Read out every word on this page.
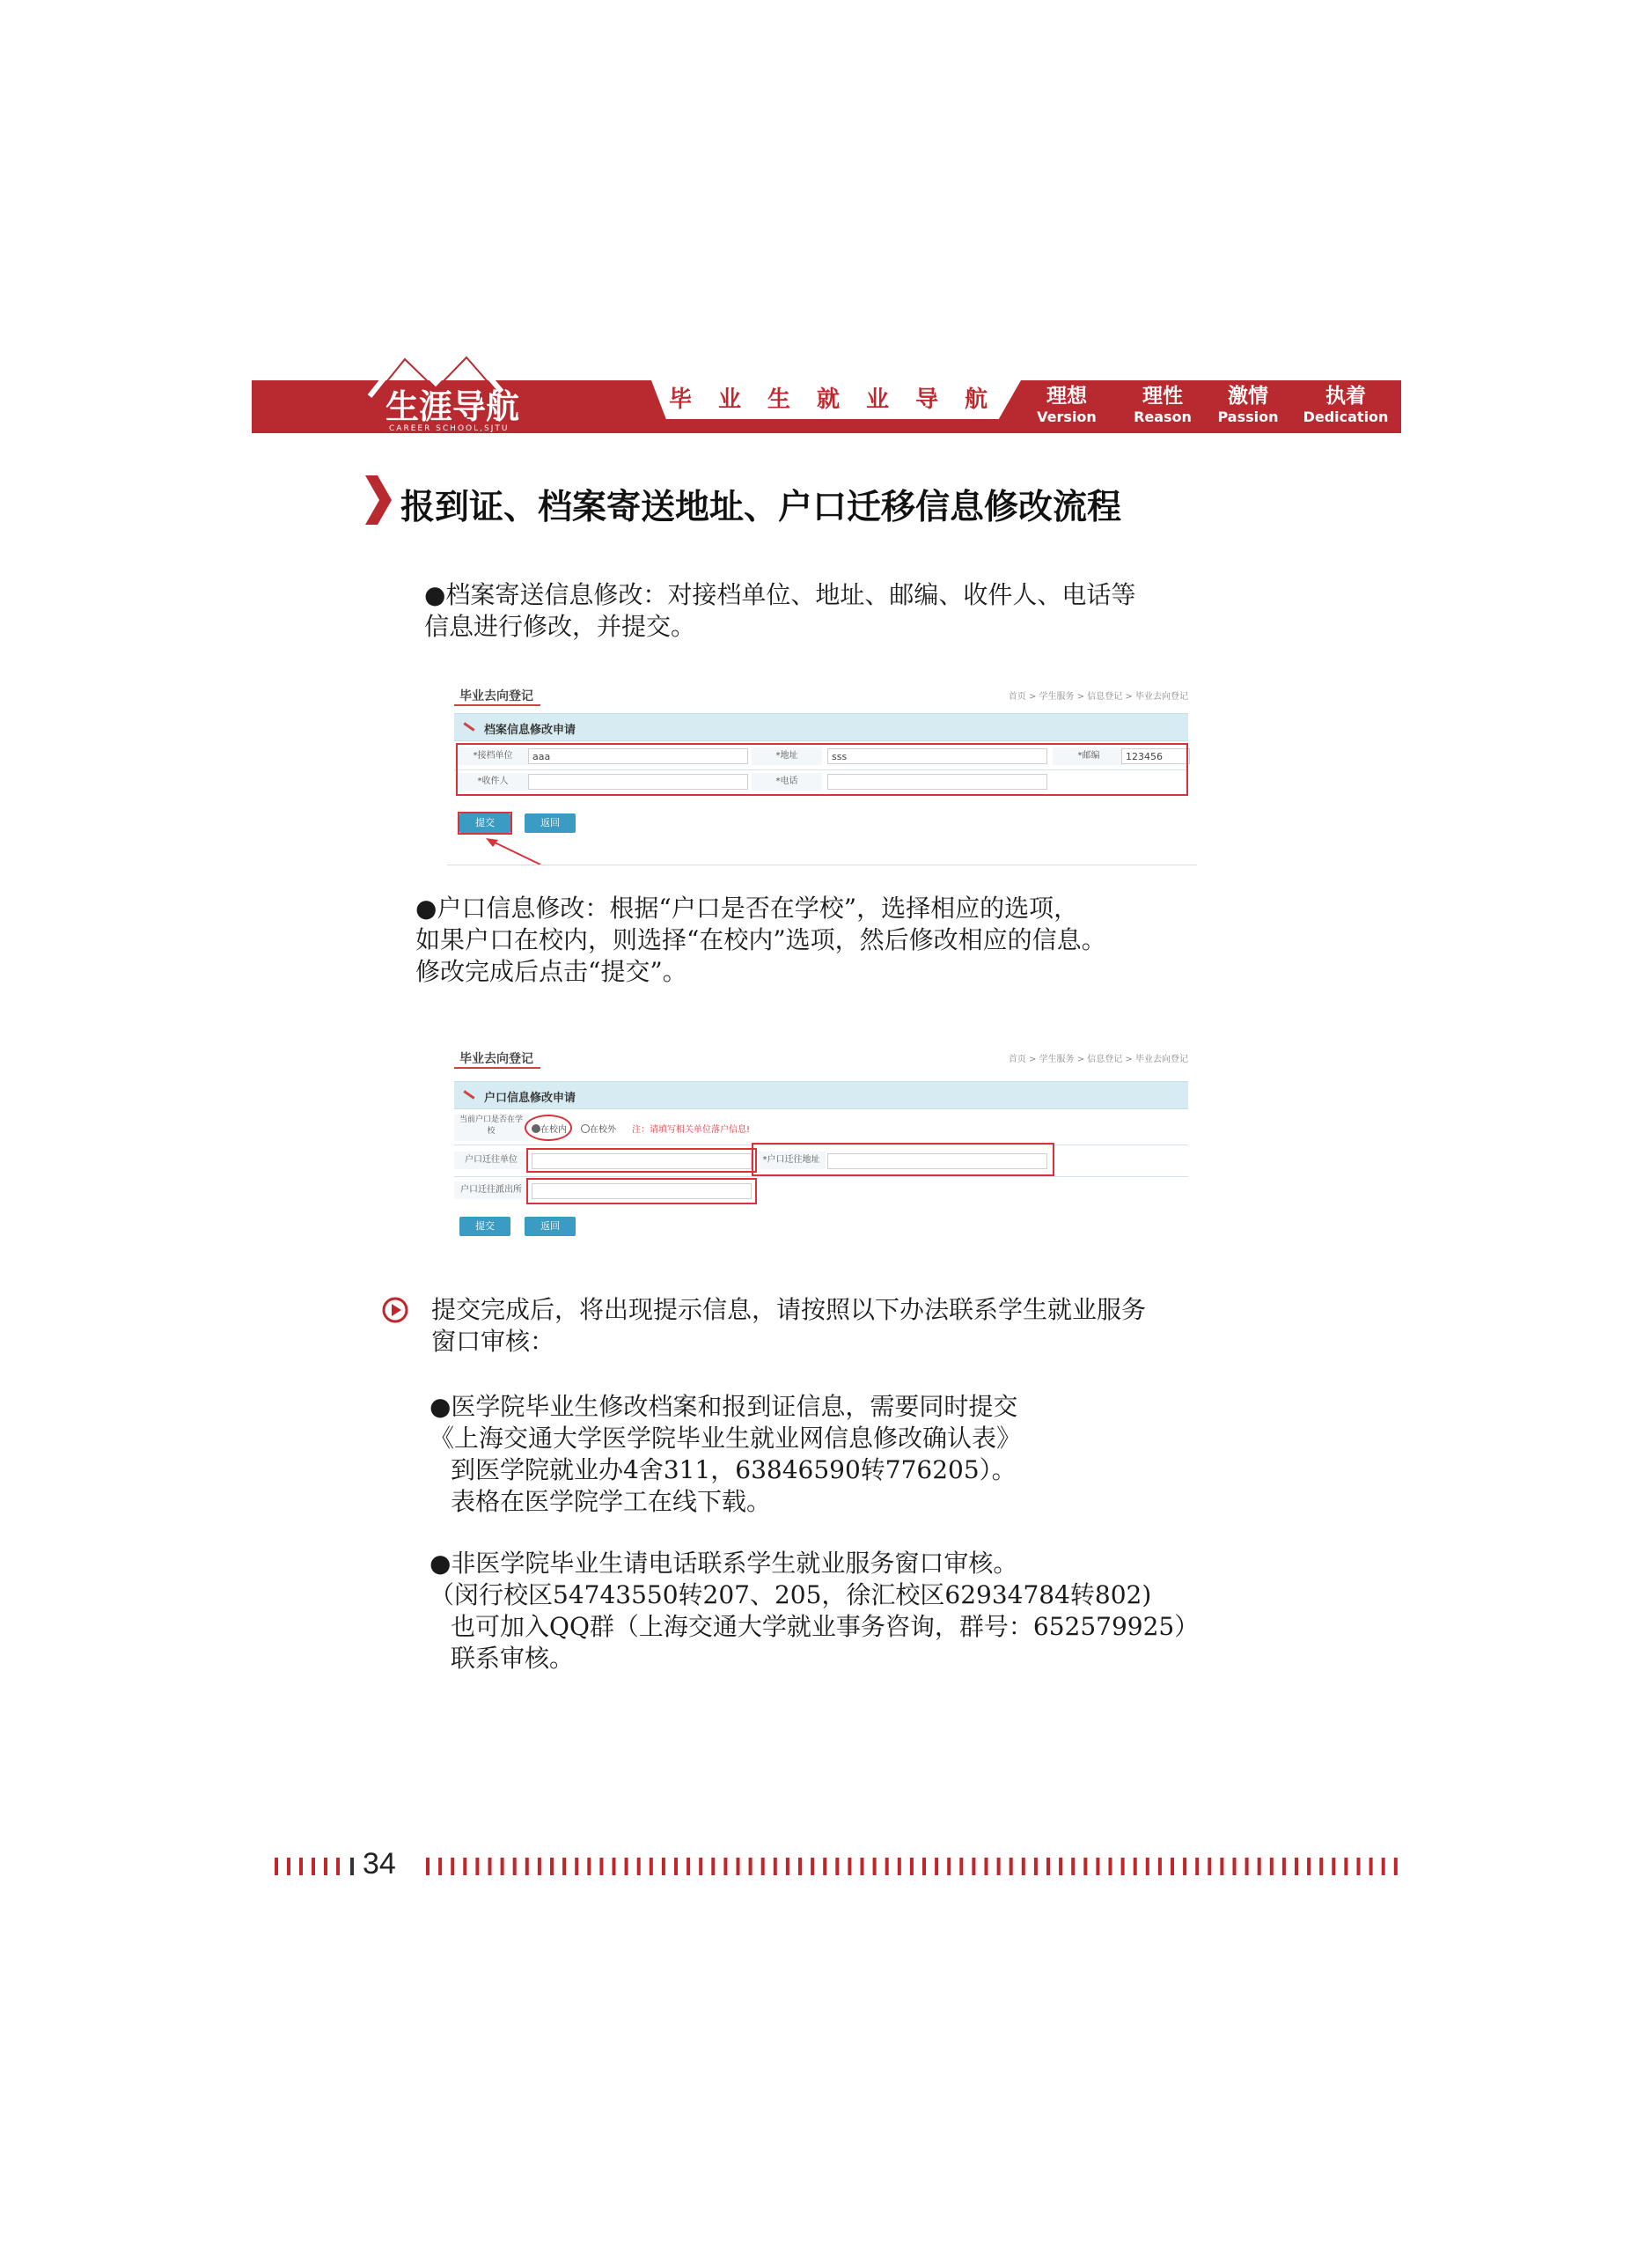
生涯导航
CAREER SCHOOL,SJTU
毕业生就业导航	理想
Version
理性
Reason
激情
Passion
执着
Dedication
报到证、档案寄送地址、户口迁移信息修改流程

●档案寄送信息修改：对接档单位、地址、邮编、收件人、电话等

信息进行修改，并提交。

毕业去向登记	首页 > 学生服务 > 信息登记 > 毕业去向登记
档案信息修改申请
*接档单位	aaa	*地址	sss	*邮编	123456
*收件人	*电话
提交	返回

●户口信息修改：根据“户口是否在学校”，选择相应的选项，

如果户口在校内，则选择“在校内”选项，然后修改相应的信息。

修改完成后点击“提交”。

毕业去向登记	首页 > 学生服务 > 信息登记 > 毕业去向登记
户口信息修改申请
当前户口是否在学
校	在校内	在校外 注：请填写相关单位落户信息!
户口迁往单位	*户口迁往地址
户口迁往派出所
提交	返回

提交完成后，将出现提示信息，请按照以下办法联系学生就业服务

窗口审核：

●医学院毕业生修改档案和报到证信息，需要同时提交

《上海交通大学医学院毕业生就业网信息修改确认表》

到医学院就业办4舍311，63846590转776205）。

表格在医学院学工在线下载。

●非医学院毕业生请电话联系学生就业服务窗口审核。

（闵行校区54743550转207、205，徐汇校区62934784转802)

也可加入QQ群（上海交通大学就业事务咨询，群号：652579925）

联系审核。

34
